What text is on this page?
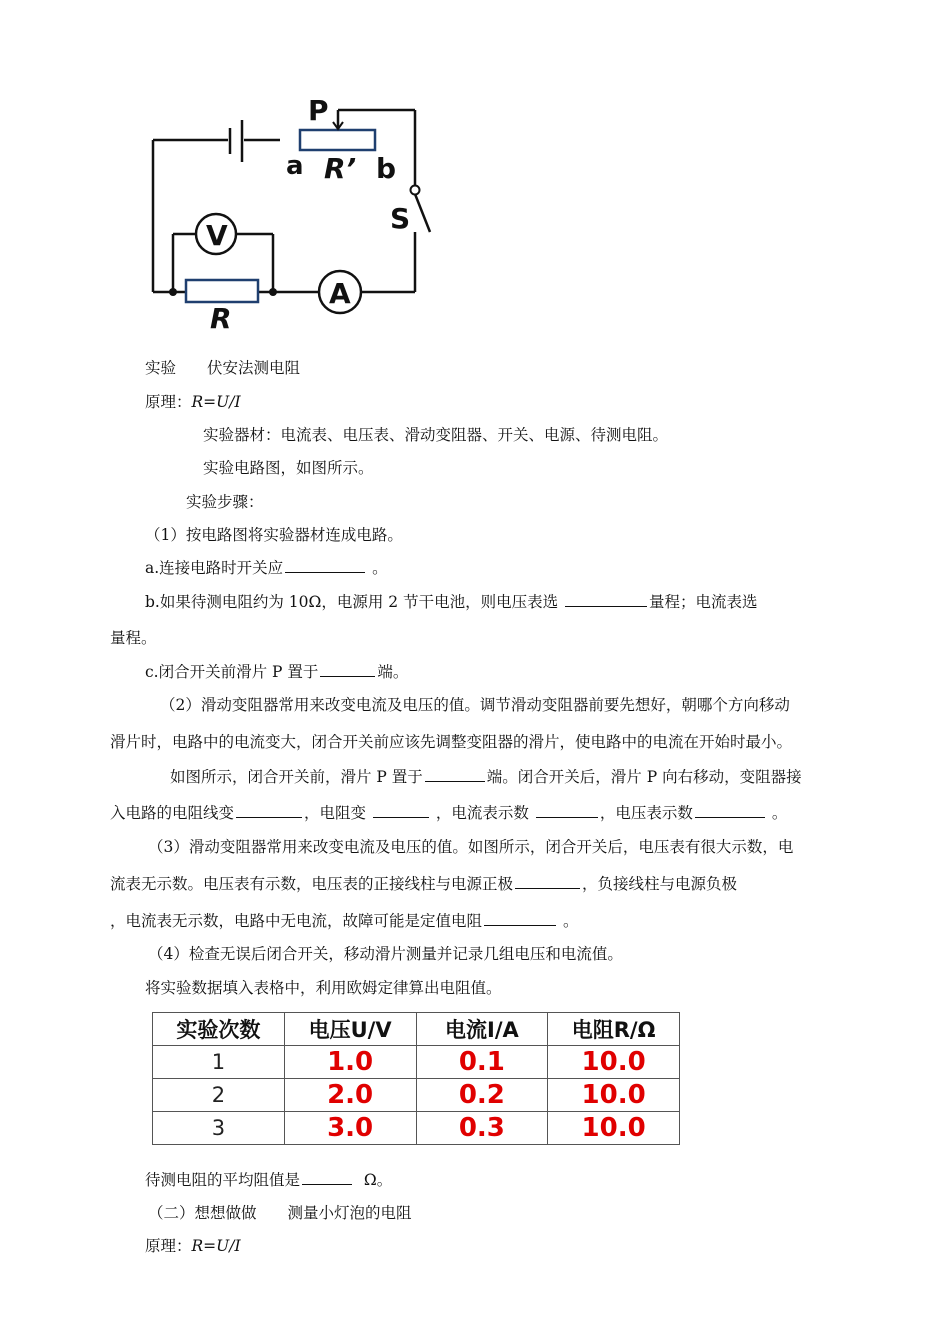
P
a R’ b
S
V
A
R
实验　　伏安法测电阻
原理：R=U/I
实验器材：电流表、电压表、滑动变阻器、开关、电源、待测电阻。
实验电路图，如图所示。
实验步骤：
（1）按电路图将实验器材连成电路。
a.连接电路时开关应	。
b.如果待测电阻约为 10Ω，电源用 2 节干电池，则电压表选	量程；电流表选
量程。
c.闭合开关前滑片 P 置于	端。
（2）滑动变阻器常用来改变电流及电压的值。调节滑动变阻器前要先想好，朝哪个方向移动
滑片时，电路中的电流变大，闭合开关前应该先调整变阻器的滑片，使电路中的电流在开始时最小。
如图所示，闭合开关前，滑片 P 置于	端。闭合开关后，滑片 P 向右移动，变阻器接
入电路的电阻线变	，电阻变	，电流表示数	，电压表示数	。
（3）滑动变阻器常用来改变电流及电压的值。如图所示，闭合开关后，电压表有很大示数，电
流表无示数。电压表有示数，电压表的正接线柱与电源正极	，负接线柱与电源负极
，电流表无示数，电路中无电流，故障可能是定值电阻	。
（4）检查无误后闭合开关，移动滑片测量并记录几组电压和电流值。
将实验数据填入表格中，利用欧姆定律算出电阻值。
实验次数	电压U/V	电流I/A	电阻R/Ω
1	1.0	0.1	10.0
2	2.0	0.2	10.0
3	3.0	0.3	10.0
待测电阻的平均阻值是	Ω。
（二）想想做做　　测量小灯泡的电阻
原理：R=U/I
